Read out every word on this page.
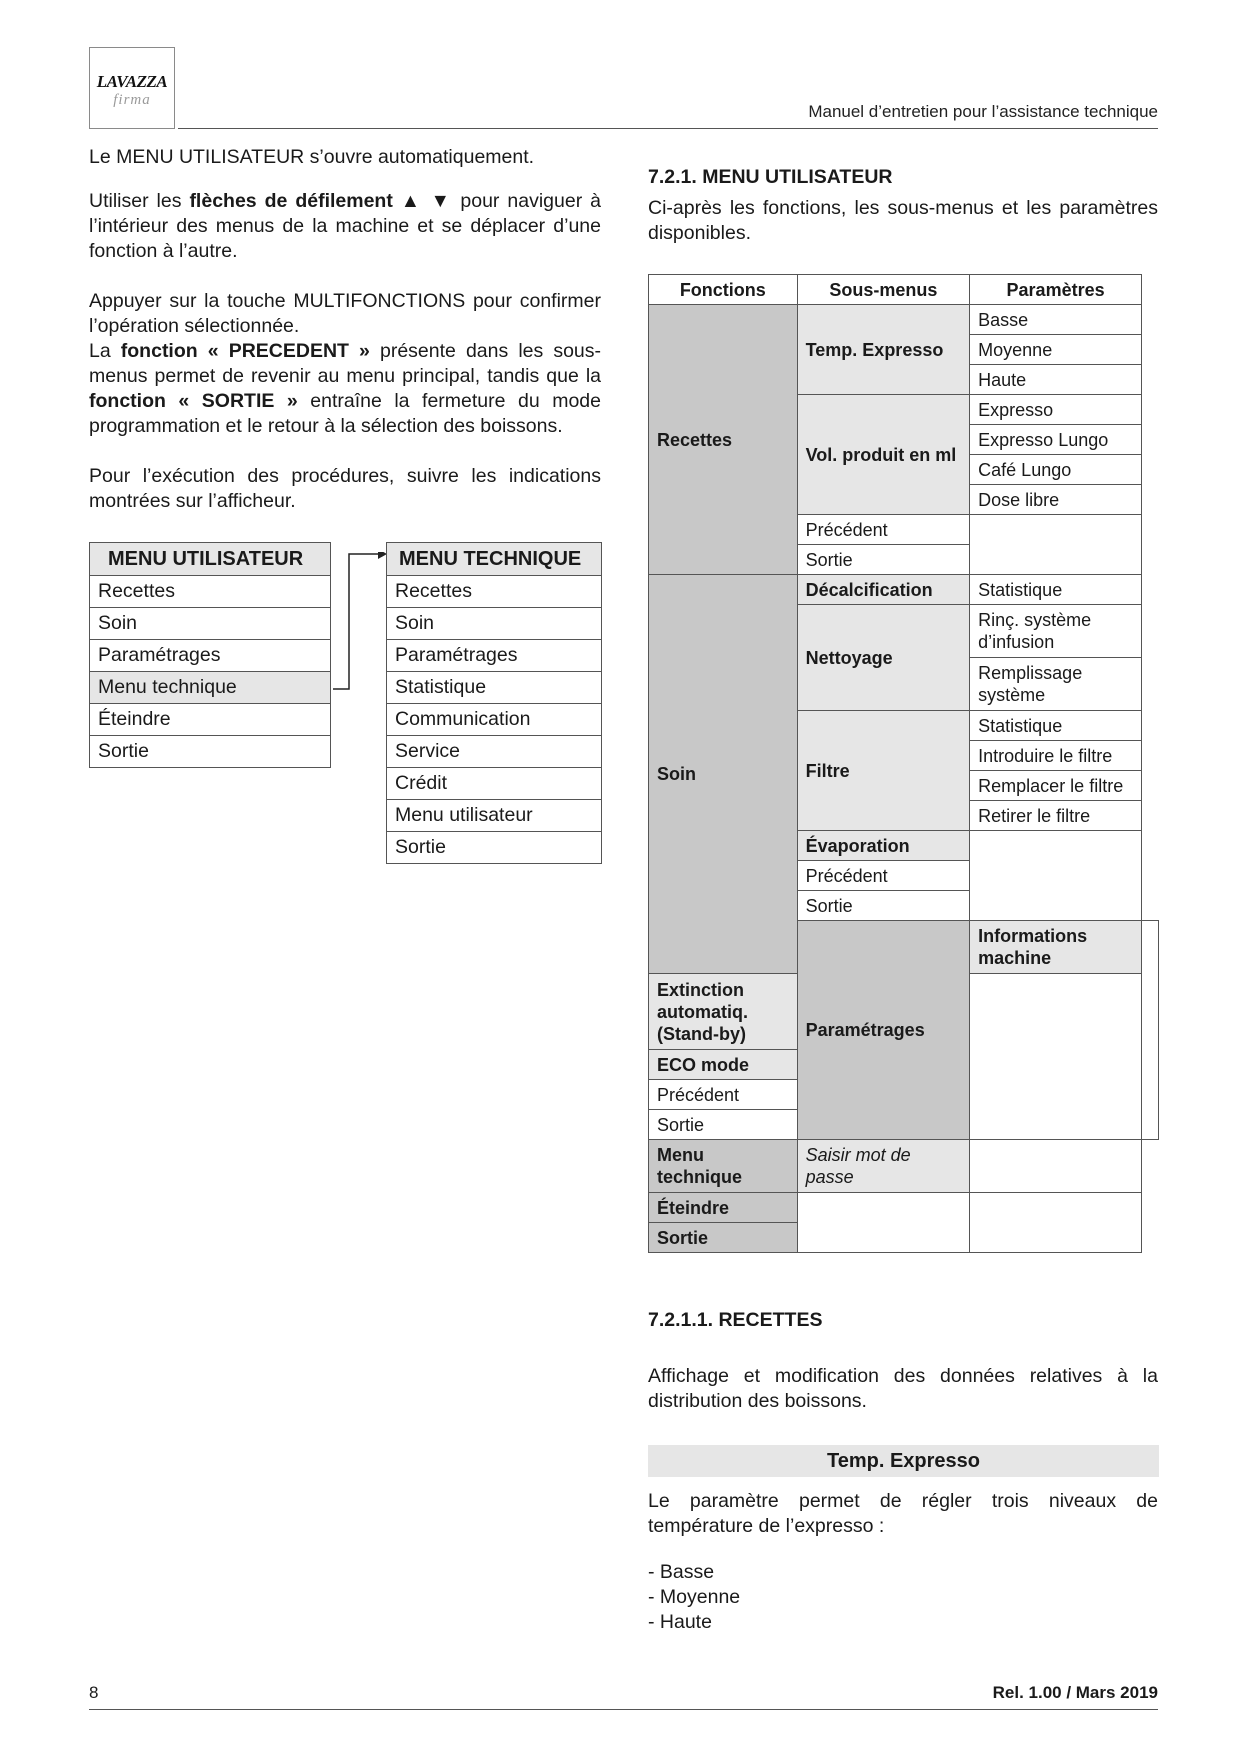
LAVAZZA
firma
Manuel d’entretien pour l’assistance technique
Le MENU UTILISATEUR s’ouvre automatiquement.
Utiliser les flèches de défilement ▲ ▼ pour naviguer à l’intérieur des menus de la machine et se déplacer d’une fonction à l’autre.
Appuyer sur la touche MULTIFONCTIONS pour confirmer l’opération sélectionnée.
La fonction « PRECEDENT » présente dans les sous-menus permet de revenir au menu principal, tandis que la fonction « SORTIE » entraîne la fermeture du mode programmation et le retour à la sélection des boissons.
Pour l’exécution des procédures, suivre les indications montrées sur l’afficheur.
MENU UTILISATEUR
Recettes
Soin
Paramétrages
Menu technique
Éteindre
Sortie
MENU TECHNIQUE
Recettes
Soin
Paramétrages
Statistique
Communication
Service
Crédit
Menu utilisateur
Sortie
7.2.1. MENU UTILISATEUR
Ci-après les fonctions, les sous-menus et les paramètres disponibles.
Fonctions	Sous-menus	Paramètres	
Recettes	Temp. Expresso	Basse	
		Moyenne	
		Haute	
	Vol. produit en ml	Expresso	
		Expresso Lungo	
		Café Lungo	
		Dose libre	
	Précédent		
	Sortie		
Soin	Décalcification	Statistique	
	Nettoyage	Rinç. système d’infusion	
		Remplissage système	
	Filtre	Statistique	
		Introduire le filtre	
		Remplacer le filtre	
		Retirer le filtre	
	Évaporation		
	Précédent		
	Sortie		
	Paramétrages	Informations machine	
Extinction automatiq. (Stand-by)			
ECO mode			
Précédent			
Sortie			
Menu technique	Saisir mot de passe		
Éteindre			
Sortie			
7.2.1.1. RECETTES
Affichage et modification des données relatives à la distribution des boissons.
Temp. Expresso
Le paramètre permet de régler trois niveaux de température de l’expresso :
- Basse
- Moyenne
- Haute
8	Rel. 1.00 / Mars 2019
